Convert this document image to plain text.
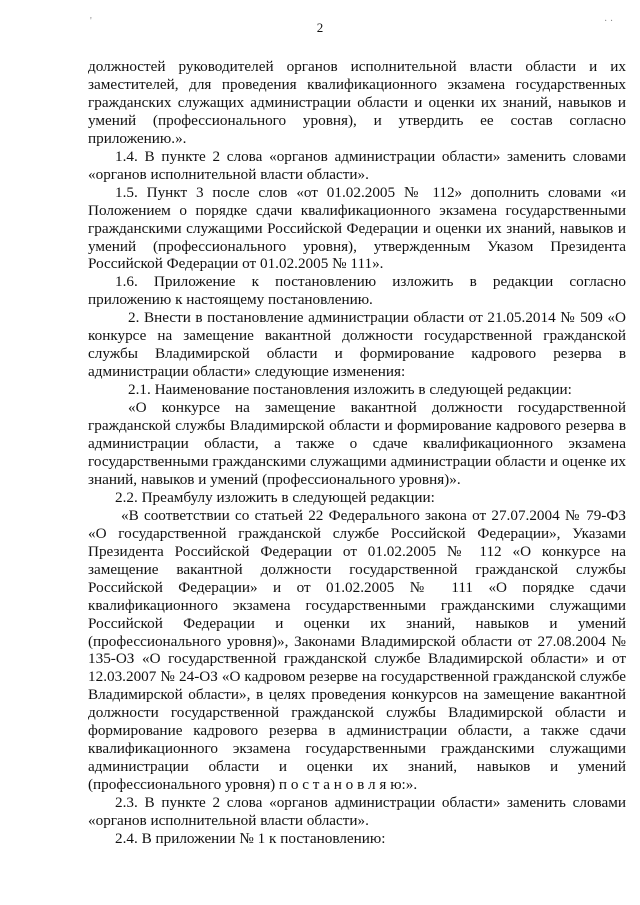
2	· ·
'

должностей руководителей органов исполнительной власти области и их заместителей, для проведения квалификационного экзамена государственных гражданских служащих администрации области и оценки их знаний, навыков и умений (профессионального уровня), и утвердить ее состав согласно приложению.».

1.4. В пункте 2 слова «органов администрации области» заменить словами «органов исполнительной власти области».

1.5. Пункт 3 после слов «от 01.02.2005 № 112» дополнить словами «и Положением о порядке сдачи квалификационного экзамена государственными гражданскими служащими Российской Федерации и оценки их знаний, навыков и умений (профессионального уровня), утвержденным Указом Президента Российской Федерации от 01.02.2005 № 111».

1.6. Приложение к постановлению изложить в редакции согласно приложению к настоящему постановлению.

2. Внести в постановление администрации области от 21.05.2014 № 509 «О конкурсе на замещение вакантной должности государственной гражданской службы Владимирской области и формирование кадрового резерва в администрации области» следующие изменения:

2.1. Наименование постановления изложить в следующей редакции:

«О конкурсе на замещение вакантной должности государственной гражданской службы Владимирской области и формирование кадрового резерва в администрации области, а также о сдаче квалификационного экзамена государственными гражданскими служащими администрации области и оценке их знаний, навыков и умений (профессионального уровня)».

2.2. Преамбулу изложить в следующей редакции:

«В соответствии со статьей 22 Федерального закона от 27.07.2004 № 79-ФЗ «О государственной гражданской службе Российской Федерации», Указами Президента Российской Федерации от 01.02.2005 № 112 «О конкурсе на замещение вакантной должности государственной гражданской службы Российской Федерации» и от 01.02.2005 № 111 «О порядке сдачи квалификационного экзамена государственными гражданскими служащими Российской Федерации и оценки их знаний, навыков и умений (профессионального уровня)», Законами Владимирской области от 27.08.2004 № 135-ОЗ «О государственной гражданской службе Владимирской области» и от 12.03.2007 № 24-ОЗ «О кадровом резерве на государственной гражданской службе Владимирской области», в целях проведения конкурсов на замещение вакантной должности государственной гражданской службы Владимирской области и формирование кадрового резерва в администрации области, а также сдачи квалификационного экзамена государственными гражданскими служащими администрации области и оценки их знаний, навыков и умений (профессионального уровня) п о с т а н о в л я ю:».

2.3. В пункте 2 слова «органов администрации области» заменить словами «органов исполнительной власти области».

2.4. В приложении № 1 к постановлению:
